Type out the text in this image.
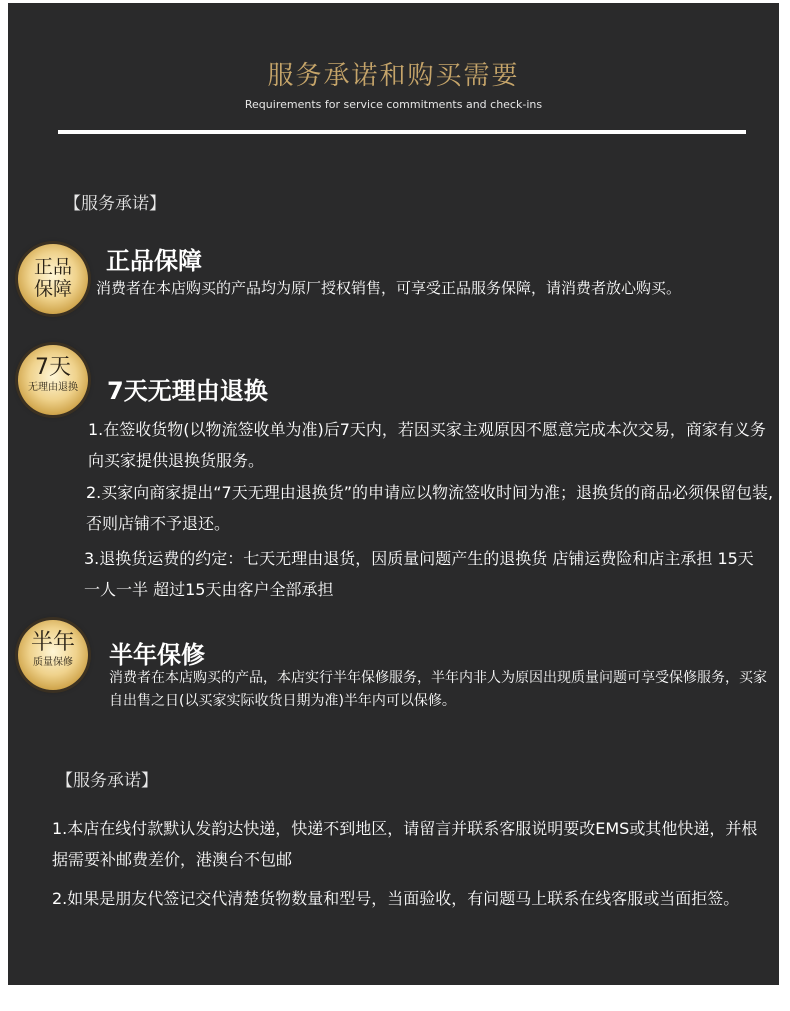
服务承诺和购买需要
Requirements for service commitments and check-ins
【服务承诺】
正品
保障
正品保障
消费者在本店购买的产品均为原厂授权销售，可享受正品服务保障，请消费者放心购买。
7天
无理由退换	7天无理由退换
1.在签收货物(以物流签收单为准)后7天内，若因买家主观原因不愿意完成本次交易，商家有义务向买家提供退换货服务。
2.买家向商家提出“7天无理由退换货”的申请应以物流签收时间为准；退换货的商品必须保留包装,否则店铺不予退还。
3.退换货运费的约定：七天无理由退货，因质量问题产生的退换货 店铺运费险和店主承担 15天 一人一半 超过15天由客户全部承担
半年
质量保修	半年保修
消费者在本店购买的产品，本店实行半年保修服务，半年内非人为原因出现质量问题可享受保修服务，买家自出售之日(以买家实际收货日期为准)半年内可以保修。
【服务承诺】
1.本店在线付款默认发韵达快递，快递不到地区，请留言并联系客服说明要改EMS或其他快递，并根据需要补邮费差价，港澳台不包邮
2.如果是朋友代签记交代清楚货物数量和型号，当面验收，有问题马上联系在线客服或当面拒签。
